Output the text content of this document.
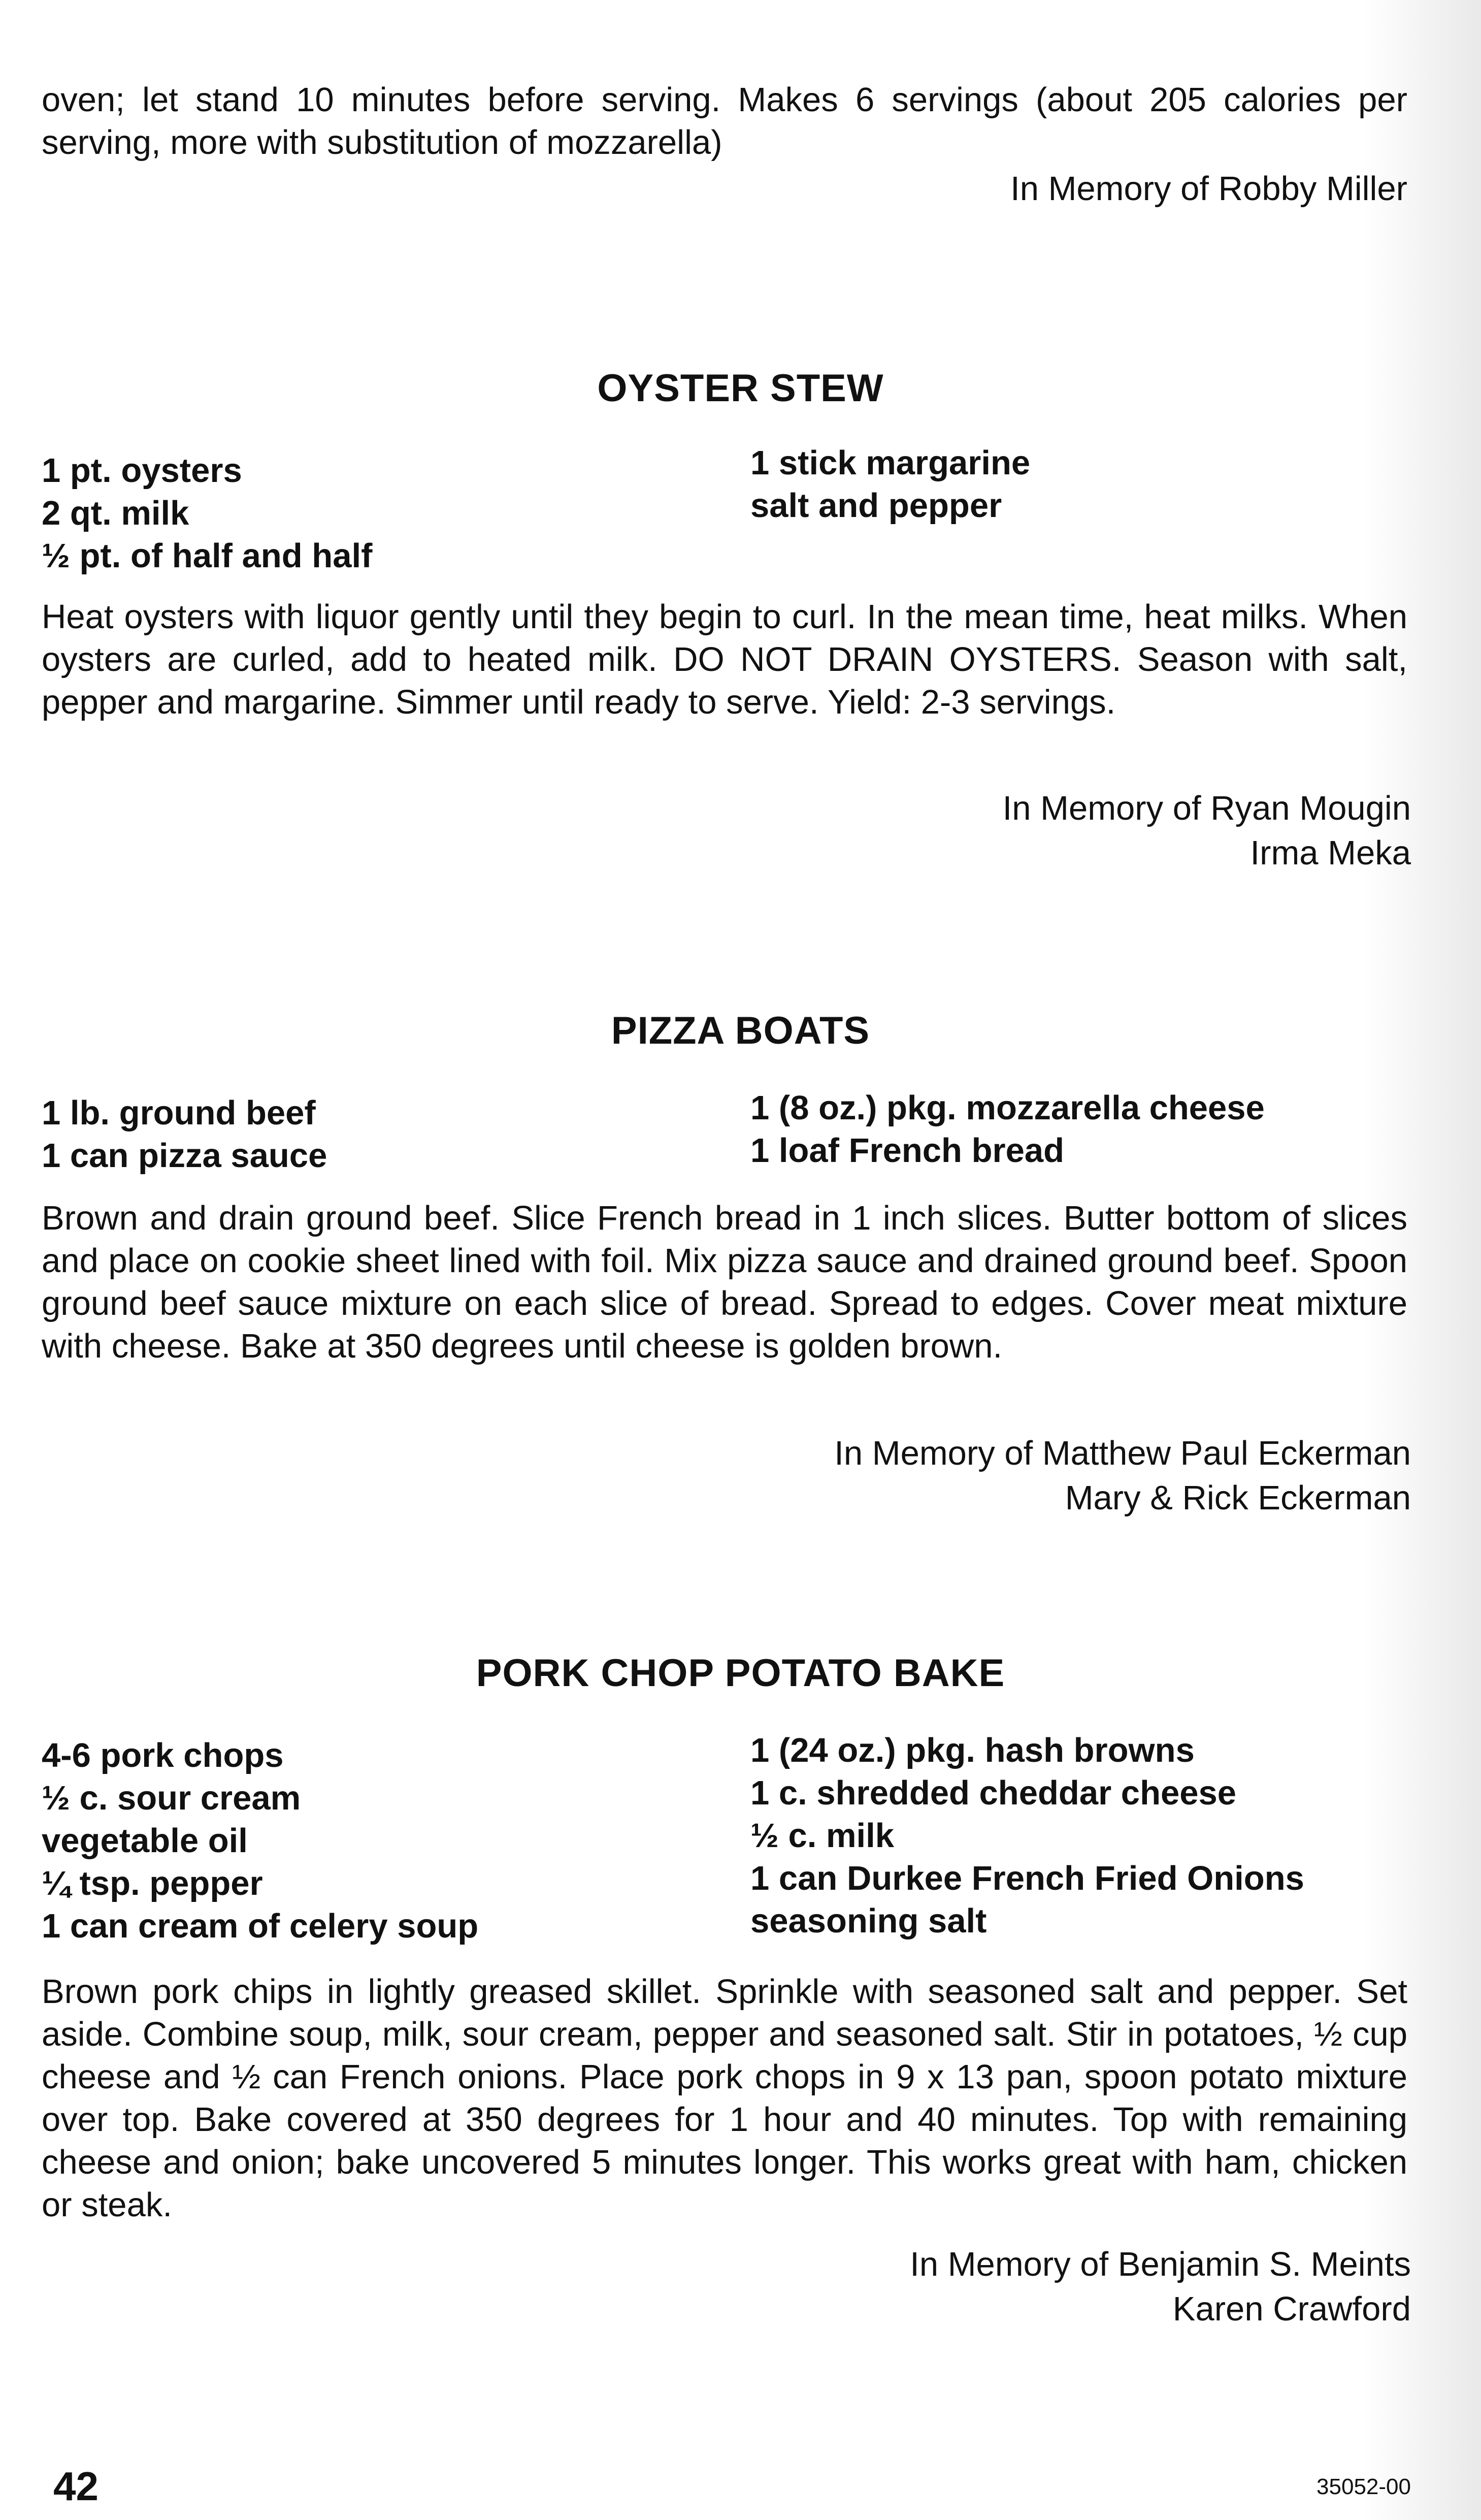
oven; let stand 10 minutes before serving. Makes 6 servings (about 205 calories per serving, more with substitution of mozzarella)
In Memory of Robby Miller
OYSTER STEW
1 pt. oysters
2 qt. milk
½ pt. of half and half
1 stick margarine
salt and pepper
Heat oysters with liquor gently until they begin to curl. In the mean time, heat milks. When oysters are curled, add to heated milk. DO NOT DRAIN OYSTERS. Season with salt, pepper and margarine. Simmer until ready to serve. Yield: 2-3 servings.
In Memory of Ryan Mougin
Irma Meka
PIZZA BOATS
1 lb. ground beef
1 can pizza sauce
1 (8 oz.) pkg. mozzarella cheese
1 loaf French bread
Brown and drain ground beef. Slice French bread in 1 inch slices. Butter bottom of slices and place on cookie sheet lined with foil. Mix pizza sauce and drained ground beef. Spoon ground beef sauce mixture on each slice of bread. Spread to edges. Cover meat mixture with cheese. Bake at 350 degrees until cheese is golden brown.
In Memory of Matthew Paul Eckerman
Mary & Rick Eckerman
PORK CHOP POTATO BAKE
4-6 pork chops
½ c. sour cream
vegetable oil
¼ tsp. pepper
1 can cream of celery soup
1 (24 oz.) pkg. hash browns
1 c. shredded cheddar cheese
½ c. milk
1 can Durkee French Fried Onions
seasoning salt
Brown pork chips in lightly greased skillet. Sprinkle with seasoned salt and pepper. Set aside. Combine soup, milk, sour cream, pepper and seasoned salt. Stir in potatoes, ½ cup cheese and ½ can French onions. Place pork chops in 9 x 13 pan, spoon potato mixture over top. Bake covered at 350 degrees for 1 hour and 40 minutes. Top with remaining cheese and onion; bake uncovered 5 minutes longer. This works great with ham, chicken or steak.
In Memory of Benjamin S. Meints
Karen Crawford
42	35052-00
